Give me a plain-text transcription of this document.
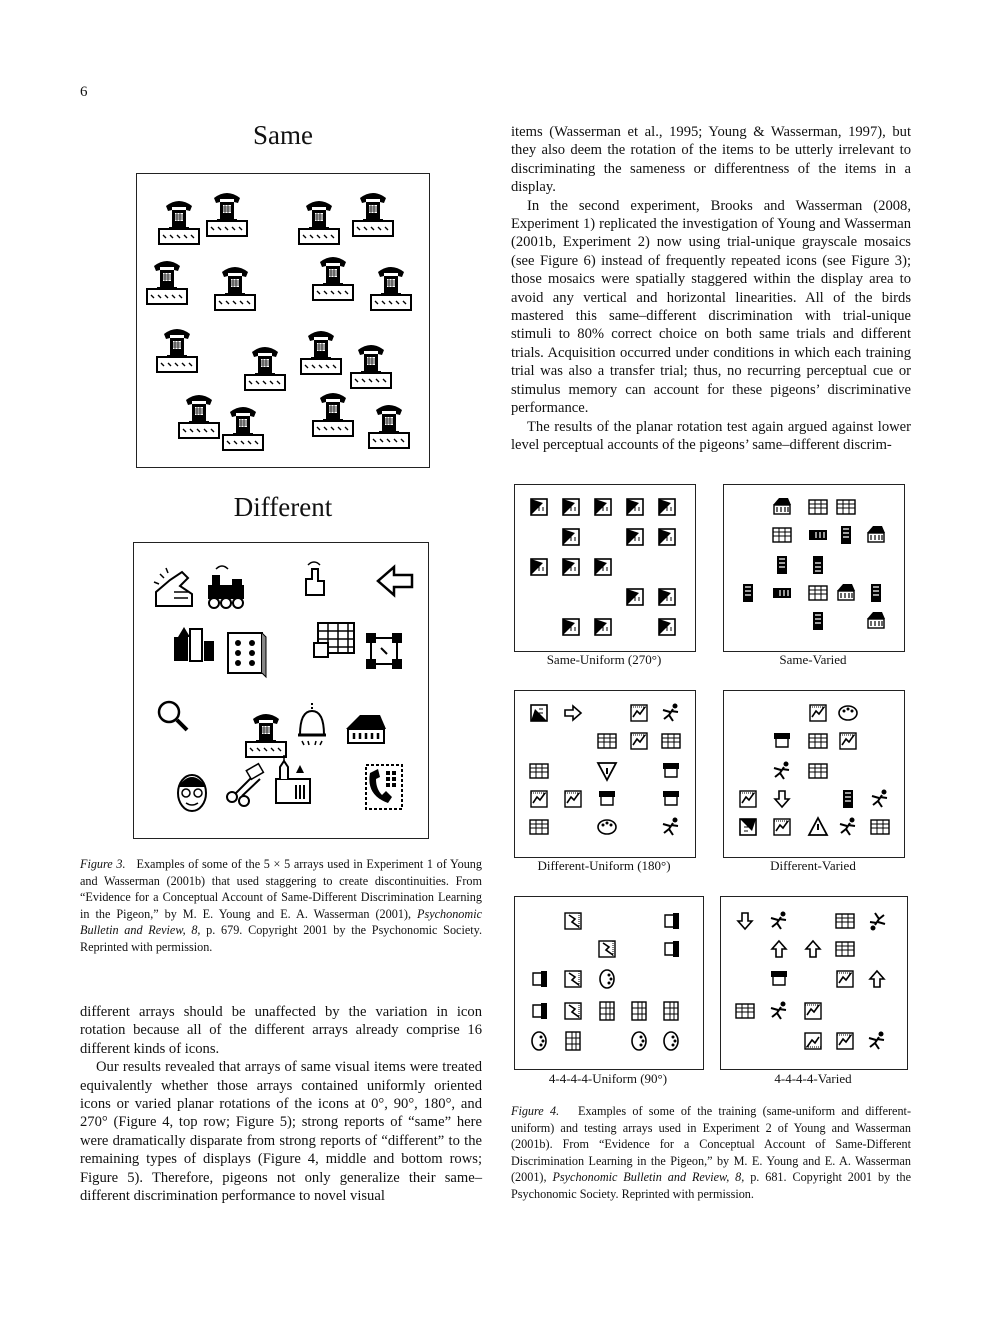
6
Same
Different
Figure 3. Examples of some of the 5 × 5 arrays used in Experiment 1 of Young and Wasserman (2001b) that used staggering to create discontinuities. From “Evidence for a Conceptual Account of Same-Different Discrimination Learning in the Pigeon,” by M. E. Young and E. A. Wasserman (2001), Psychonomic Bulletin and Review, 8, p. 679. Copyright 2001 by the Psychonomic Society. Reprinted with permission.

different arrays should be unaffected by the variation in icon rotation because all of the different arrays already comprise 16 different kinds of icons.

Our results revealed that arrays of same visual items were treated equivalently whether those arrays contained uniformly oriented icons or varied planar rotations of the icons at 0°, 90°, 180°, and 270° (Figure 4, top row; Figure 5); strong reports of “same” here were dramatically disparate from strong reports of “different” to the remaining types of displays (Figure 4, middle and bottom rows; Figure 5). Therefore, pigeons not only generalize their same–different discrimination performance to novel visual

items (Wasserman et al., 1995; Young & Wasserman, 1997), but they also deem the rotation of the items to be utterly irrelevant to discriminating the sameness or differentness of the items in a display.

In the second experiment, Brooks and Wasserman (2008, Experiment 1) replicated the investigation of Young and Wasserman (2001b, Experiment 2) now using trial-unique grayscale mosaics (see Figure 6) instead of frequently repeated icons (see Figure 3); those mosaics were spatially staggered within the display area to avoid any vertical and horizontal linearities. All of the birds mastered this same–different discrimination with trial-unique stimuli to 80% correct choice on both same trials and different trials. Acquisition occurred under conditions in which each training trial was also a transfer trial; thus, no recurring perceptual cue or stimulus memory can account for these pigeons’ discriminative performance.

The results of the planar rotation test again argued against lower level perceptual accounts of the pigeons’ same–different discrim-

Same-Uniform (270°)	Same-Varied
Different-Uniform (180°)	Different-Varied
4-4-4-4-Uniform (90°)	4-4-4-4-Varied
Figure 4. Examples of some of the training (same-uniform and different-uniform) and testing arrays used in Experiment 2 of Young and Wasserman (2001b). From “Evidence for a Conceptual Account of Same-Different Discrimination Learning in the Pigeon,” by M. E. Young and E. A. Wasserman (2001), Psychonomic Bulletin and Review, 8, p. 681. Copyright 2001 by the Psychonomic Society. Reprinted with permission.
